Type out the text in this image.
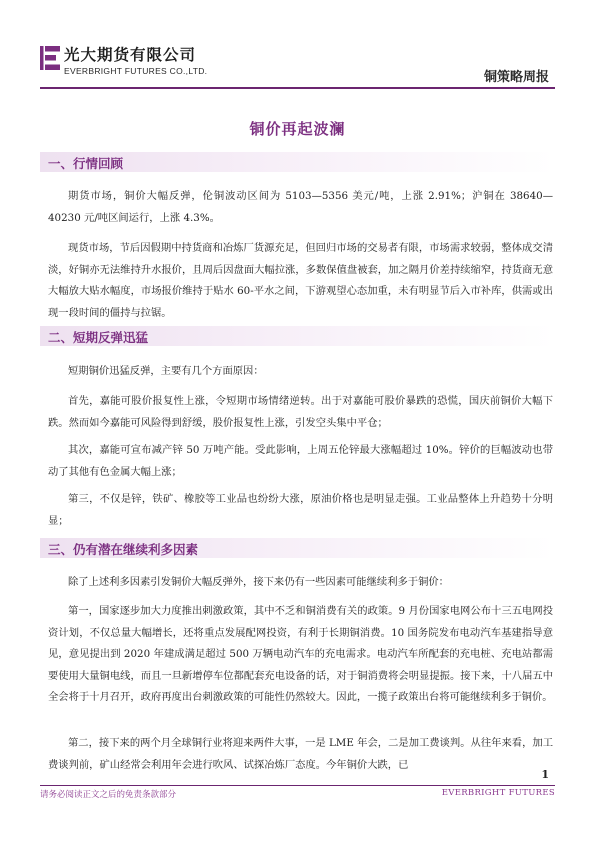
光大期货有限公司
EVERBRIGHT FUTURES CO.,LTD.	铜策略周报
铜价再起波澜
一、行情回顾
期货市场，铜价大幅反弹，伦铜波动区间为 5103—5356 美元/吨，上涨 2.91%；沪铜在 38640—40230 元/吨区间运行，上涨 4.3%。
现货市场，节后因假期中持货商和冶炼厂货源充足，但回归市场的交易者有限，市场需求较弱，整体成交清淡，好铜亦无法维持升水报价，且周后因盘面大幅拉涨，多数保值盘被套，加之隔月价差持续缩窄，持货商无意大幅放大贴水幅度，市场报价维持于贴水 60-平水之间，下游观望心态加重，未有明显节后入市补库，供需或出现一段时间的僵持与拉锯。
二、短期反弹迅猛
短期铜价迅猛反弹，主要有几个方面原因：
首先，嘉能可股价报复性上涨，令短期市场情绪逆转。出于对嘉能可股价暴跌的恐慌，国庆前铜价大幅下跌。然而如今嘉能可风险得到舒缓，股价报复性上涨，引发空头集中平仓；
其次，嘉能可宣布减产锌 50 万吨产能。受此影响，上周五伦锌最大涨幅超过 10%。锌价的巨幅波动也带动了其他有色金属大幅上涨；
第三，不仅是锌，铁矿、橡胶等工业品也纷纷大涨，原油价格也是明显走强。工业品整体上升趋势十分明显；
三、仍有潜在继续利多因素
除了上述利多因素引发铜价大幅反弹外，接下来仍有一些因素可能继续利多于铜价：
第一，国家逐步加大力度推出刺激政策，其中不乏和铜消费有关的政策。9 月份国家电网公布十三五电网投资计划，不仅总量大幅增长，还将重点发展配网投资，有利于长期铜消费。10 国务院发布电动汽车基建指导意见，意见提出到 2020 年建成满足超过 500 万辆电动汽车的充电需求。电动汽车所配套的充电桩、充电站都需要使用大量铜电线，而且一旦新增停车位都配套充电设备的话，对于铜消费将会明显提振。接下来，十八届五中全会将于十月召开，政府再度出台刺激政策的可能性仍然较大。因此，一揽子政策出台将可能继续利多于铜价。
第二，接下来的两个月全球铜行业将迎来两件大事，一是 LME 年会，二是加工费谈判。从往年来看，加工费谈判前，矿山经常会利用年会进行吹风、试探冶炼厂态度。今年铜价大跌，已
1
请务必阅读正文之后的免责条款部分	EVERBRIGHT FUTURES
